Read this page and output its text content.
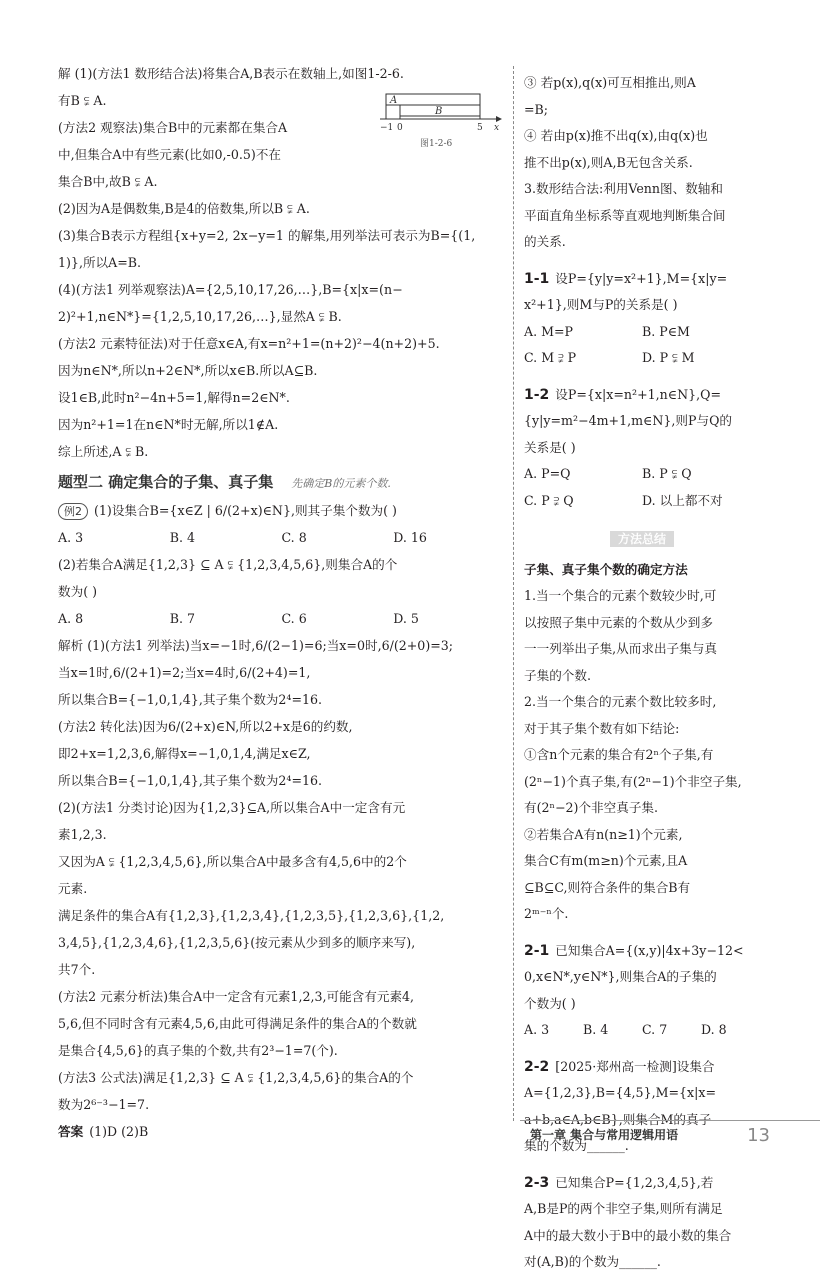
解 (1)(方法1 数形结合法)将集合A,B表示在数轴上,如图1-2-6.
有B ⫋ A.
(方法2 观察法)集合B中的元素都在集合A
中,但集合A中有些元素(比如0,-0.5)不在
集合B中,故B ⫋ A.
(2)因为A是偶数集,B是4的倍数集,所以B ⫋ A.
(3)集合B表示方程组{x+y=2, 2x−y=1 的解集,用列举法可表示为B={(1,
1)},所以A=B.
(4)(方法1 列举观察法)A={2,5,10,17,26,…},B={x|x=(n−
2)²+1,n∈N*}={1,2,5,10,17,26,…},显然A ⫋ B.
(方法2 元素特征法)对于任意x∈A,有x=n²+1=(n+2)²−4(n+2)+5.
因为n∈N*,所以n+2∈N*,所以x∈B.所以A⊆B.
设1∈B,此时n²−4n+5=1,解得n=2∈N*.
因为n²+1=1在n∈N*时无解,所以1∉A.
综上所述,A ⫋ B.
题型二 确定集合的子集、真子集 先确定B的元素个数.
例2 (1)设集合B={x∈Z | 6/(2+x)∈N},则其子集个数为( )
A. 3	B. 4	C. 8	D. 16
(2)若集合A满足{1,2,3} ⊆ A ⫋ {1,2,3,4,5,6},则集合A的个
数为( )
A. 8	B. 7	C. 6	D. 5
解析 (1)(方法1 列举法)当x=−1时,6/(2−1)=6;当x=0时,6/(2+0)=3;
当x=1时,6/(2+1)=2;当x=4时,6/(2+4)=1,
所以集合B={−1,0,1,4},其子集个数为2⁴=16.
(方法2 转化法)因为6/(2+x)∈N,所以2+x是6的约数,
即2+x=1,2,3,6,解得x=−1,0,1,4,满足x∈Z,
所以集合B={−1,0,1,4},其子集个数为2⁴=16.
(2)(方法1 分类讨论)因为{1,2,3}⊆A,所以集合A中一定含有元
素1,2,3.
又因为A ⫋ {1,2,3,4,5,6},所以集合A中最多含有4,5,6中的2个
元素.
满足条件的集合A有{1,2,3},{1,2,3,4},{1,2,3,5},{1,2,3,6},{1,2,
3,4,5},{1,2,3,4,6},{1,2,3,5,6}(按元素从少到多的顺序来写),
共7个.
(方法2 元素分析法)集合A中一定含有元素1,2,3,可能含有元素4,
5,6,但不同时含有元素4,5,6,由此可得满足条件的集合A的个数就
是集合{4,5,6}的真子集的个数,共有2³−1=7(个).
(方法3 公式法)满足{1,2,3} ⊆ A ⫋ {1,2,3,4,5,6}的集合A的个
数为2⁶⁻³−1=7.
答案 (1)D (2)B
A
B
−1 0	5 x
图1-2-6
③ 若p(x),q(x)可互相推出,则A
=B;
④ 若由p(x)推不出q(x),由q(x)也
推不出p(x),则A,B无包含关系.
3.数形结合法:利用Venn图、数轴和
平面直角坐标系等直观地判断集合间
的关系.
1-1 设P={y|y=x²+1},M={x|y=
x²+1},则M与P的关系是( )
A. M=P	B. P∈M
C. M ⫌ P	D. P ⫋ M
1-2 设P={x|x=n²+1,n∈N},Q=
{y|y=m²−4m+1,m∈N},则P与Q的
关系是( )
A. P=Q	B. P ⫋ Q
C. P ⫌ Q	D. 以上都不对
方法总结
子集、真子集个数的确定方法
1.当一个集合的元素个数较少时,可
以按照子集中元素的个数从少到多
一一列举出子集,从而求出子集与真
子集的个数.
2.当一个集合的元素个数比较多时,
对于其子集个数有如下结论:
①含n个元素的集合有2ⁿ个子集,有
(2ⁿ−1)个真子集,有(2ⁿ−1)个非空子集,
有(2ⁿ−2)个非空真子集.
②若集合A有n(n≥1)个元素,
集合C有m(m≥n)个元素,且A
⊆B⊆C,则符合条件的集合B有
2ᵐ⁻ⁿ个.
2-1 已知集合A={(x,y)|4x+3y−12<
0,x∈N*,y∈N*},则集合A的子集的
个数为( )
A. 3	B. 4	C. 7	D. 8
2-2 [2025·郑州高一检测]设集合
A={1,2,3},B={4,5},M={x|x=
a+b,a∈A,b∈B},则集合M的真子
集的个数为______.
2-3 已知集合P={1,2,3,4,5},若
A,B是P的两个非空子集,则所有满足
A中的最大数小于B中的最小数的集合
对(A,B)的个数为______.
第一章 集合与常用逻辑用语	13
